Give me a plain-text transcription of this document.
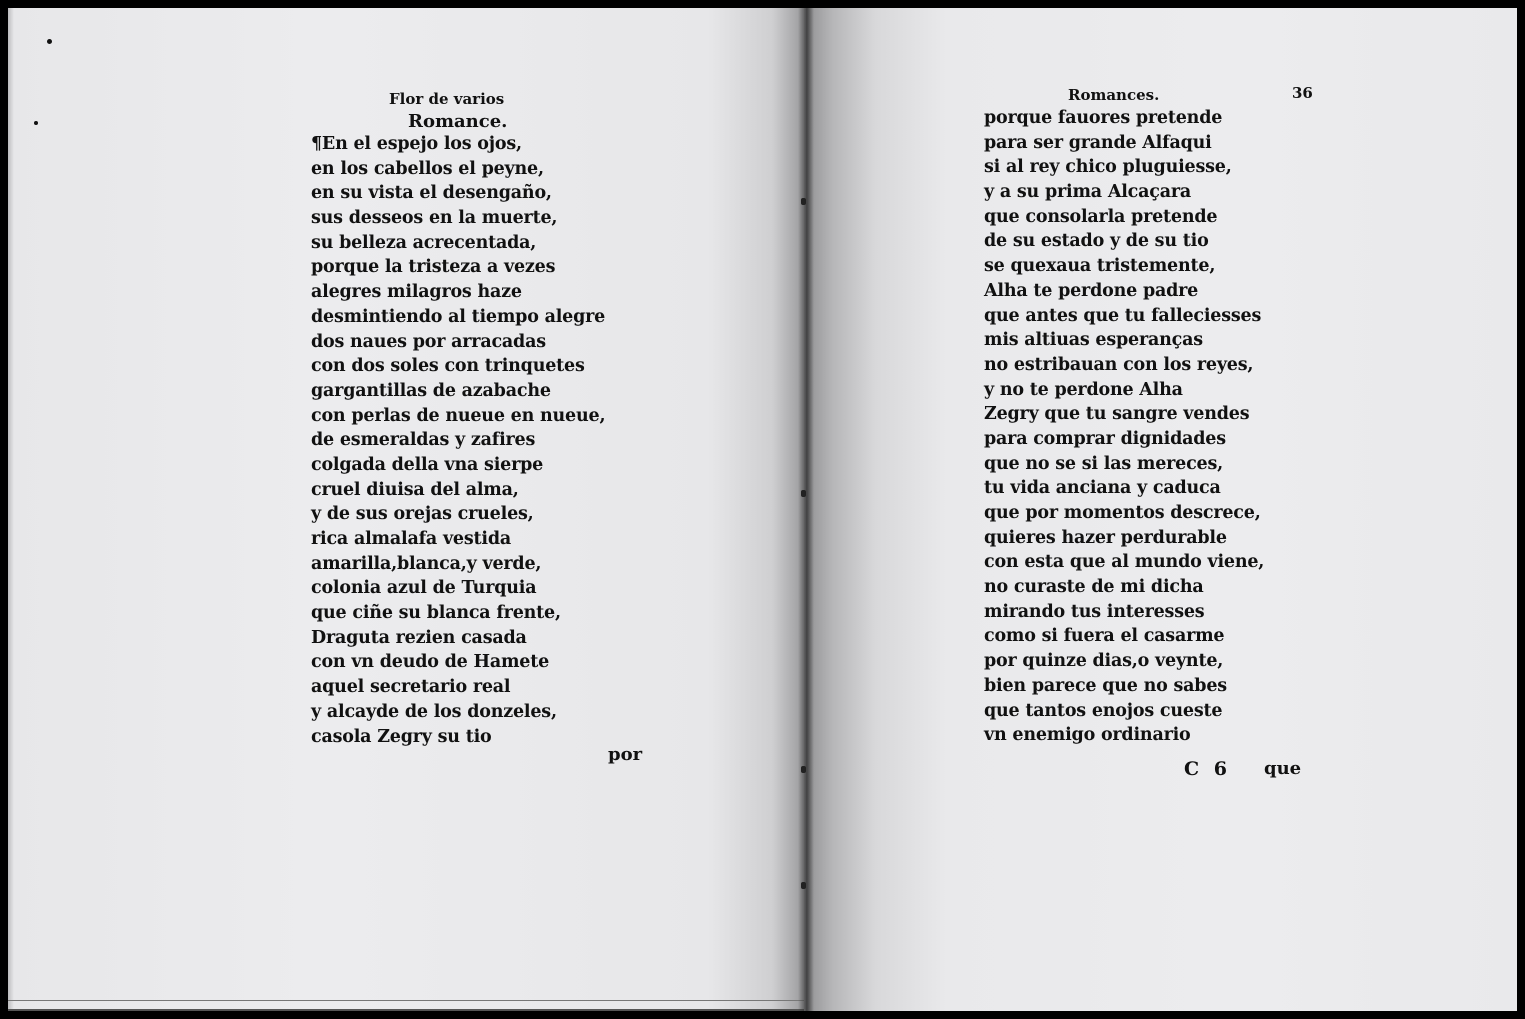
Flor de varios
Romance.
¶En el espejo los ojos,
en los cabellos el peyne,
en su vista el desengaño,
sus desseos en la muerte,
su belleza acrecentada,
porque la tristeza a vezes
alegres milagros haze
desmintiendo al tiempo alegre
dos naues por arracadas
con dos soles con trinquetes
gargantillas de azabache
con perlas de nueue en nueue,
de esmeraldas y zafires
colgada della vna sierpe
cruel diuisa del alma,
y de sus orejas crueles,
rica almalafa vestida
amarilla,blanca,y verde,
colonia azul de Turquia
que ciñe su blanca frente,
Draguta rezien casada
con vn deudo de Hamete
aquel secretario real
y alcayde de los donzeles,
casola Zegry su tio
por
Romances.	36
porque fauores pretende
para ser grande Alfaqui
si al rey chico pluguiesse,
y a su prima Alcaçara
que consolarla pretende
de su estado y de su tio
se quexaua tristemente,
Alha te perdone padre
que antes que tu fallecies​ses
mis altiuas esperanças
no estribauan con los reyes,
y no te perdone Alha
Zegry que tu sangre vendes
para comprar dignidades
que no se si las mereces,
tu vida anciana y caduca
que por momentos descrece,
quieres hazer perdurable
con esta que al mundo viene,
no curaste de mi dicha
mirando tus interesses
como si fuera el casarme
por quinze dias,o veynte,
bien parece que no sabes
que tantos enojos cueste
vn enemigo ordinario
C 6 que
